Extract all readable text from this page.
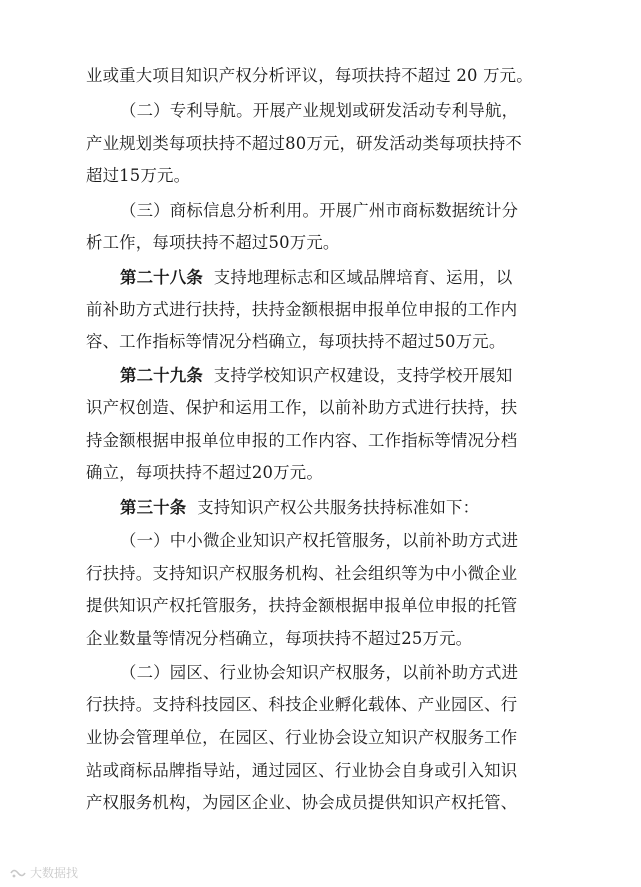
业或重大项目知识产权分析评议，每项扶持不超过 20 万元。
（二）专利导航。开展产业规划或研发活动专利导航，
产业规划类每项扶持不超过80万元，研发活动类每项扶持不
超过15万元。
（三）商标信息分析利用。开展广州市商标数据统计分
析工作，每项扶持不超过50万元。
第二十八条 支持地理标志和区域品牌培育、运用，以
前补助方式进行扶持，扶持金额根据申报单位申报的工作内
容、工作指标等情况分档确立，每项扶持不超过50万元。
第二十九条 支持学校知识产权建设，支持学校开展知
识产权创造、保护和运用工作，以前补助方式进行扶持，扶
持金额根据申报单位申报的工作内容、工作指标等情况分档
确立，每项扶持不超过20万元。
第三十条 支持知识产权公共服务扶持标准如下：
（一）中小微企业知识产权托管服务，以前补助方式进
行扶持。支持知识产权服务机构、社会组织等为中小微企业
提供知识产权托管服务，扶持金额根据申报单位申报的托管
企业数量等情况分档确立，每项扶持不超过25万元。
（二）园区、行业协会知识产权服务，以前补助方式进
行扶持。支持科技园区、科技企业孵化载体、产业园区、行
业协会管理单位，在园区、行业协会设立知识产权服务工作
站或商标品牌指导站，通过园区、行业协会自身或引入知识
产权服务机构，为园区企业、协会成员提供知识产权托管、
大数据找
